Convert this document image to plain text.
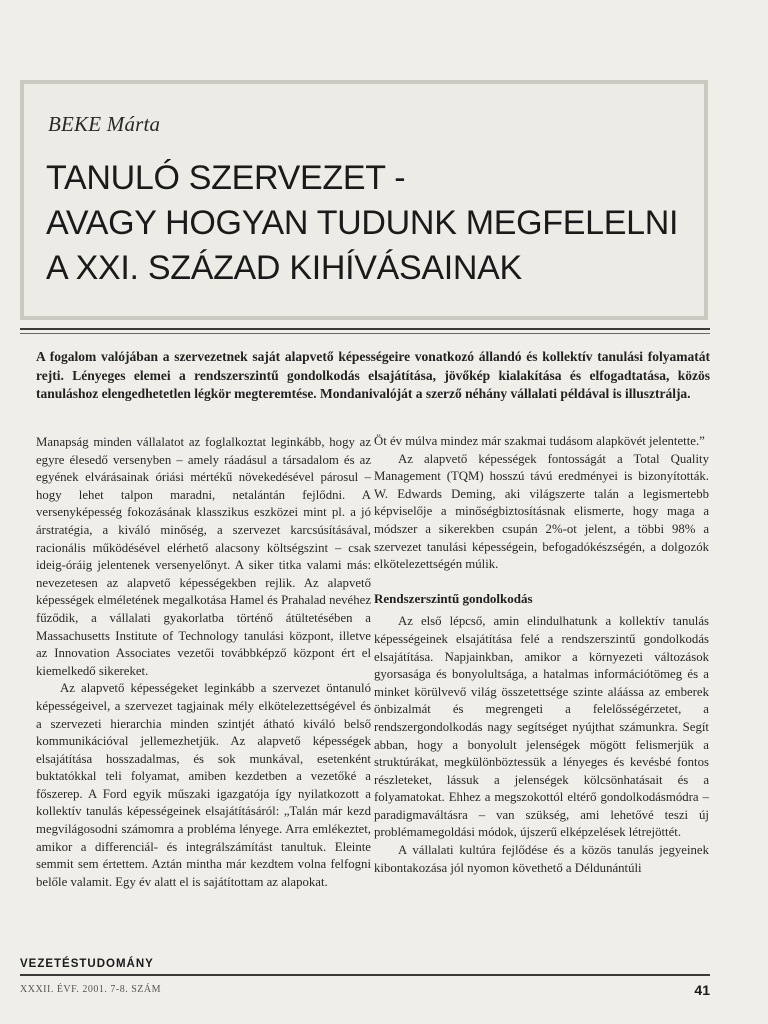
BEKE Márta
TANULÓ SZERVEZET -
AVAGY HOGYAN TUDUNK MEGFELELNI
A XXI. SZÁZAD KIHÍVÁSAINAK

A fogalom valójában a szervezetnek saját alapvető képességeire vonatkozó állandó és kollektív tanulási folyamatát rejti. Lényeges elemei a rendszerszintű gondolkodás elsajátítása, jövőkép kialakítása és elfogadtatása, közös tanuláshoz elengedhetetlen légkör megteremtése. Mondanivalóját a szerző néhány vállalati példával is illusztrálja.

Manapság minden vállalatot az foglalkoztat leginkább, hogy az egyre élesedő versenyben – amely ráadásul a társadalom és az egyének elvárásainak óriási mértékű növekedésével párosul – hogy lehet talpon maradni, netalántán fejlődni. A versenyképesség fokozásának klasszikus eszközei mint pl. a jó árstratégia, a kiváló minőség, a szervezet karcsúsításával, racionális működésével elérhető alacsony költségszint – csak ideig-óráig jelentenek versenyelőnyt. A siker titka valami más: nevezetesen az alapvető képességekben rejlik. Az alapvető képességek elméletének megalkotása Hamel és Prahalad nevéhez fűződik, a vállalati gyakorlatba történő átültetésében a Massachusetts Institute of Technology tanulási központ, illetve az Innovation Associates vezetői továbbképző központ ért el kiemelkedő sikereket.

Az alapvető képességeket leginkább a szervezet öntanuló képességeivel, a szervezet tagjainak mély elkötelezettségével és a szervezeti hierarchia minden szintjét átható kiváló belső kommunikációval jellemezhetjük. Az alapvető képességek elsajátítása hosszadalmas, és sok munkával, esetenként buktatókkal teli folyamat, amiben kezdetben a vezetőké a főszerep. A Ford egyik műszaki igazgatója így nyilatkozott a kollektív tanulás képességeinek elsajátításáról: „Talán már kezd megvilágosodni számomra a probléma lényege. Arra emlékeztet, amikor a differenciál- és integrálszámítást tanultuk. Eleinte semmit sem értettem. Aztán mintha már kezdtem volna felfogni belőle valamit. Egy év alatt el is sajátítottam az alapokat.

Öt év múlva mindez már szakmai tudásom alapkövét jelentette.”

Az alapvető képességek fontosságát a Total Quality Management (TQM) hosszú távú eredményei is bizonyították. W. Edwards Deming, aki világszerte talán a legismertebb képviselője a minőségbiztosításnak elismerte, hogy maga a módszer a sikerekben csupán 2%-ot jelent, a többi 98% a szervezet tanulási képességein, befogadókészségén, a dolgozók elkötelezettségén múlik.

Rendszerszintű gondolkodás

Az első lépcső, amin elindulhatunk a kollektív tanulás képességeinek elsajátítása felé a rendszerszintű gondolkodás elsajátítása. Napjainkban, amikor a környezeti változások gyorsasága és bonyolultsága, a hatalmas információtömeg és a minket körülvevő világ összetettsége szinte aláássa az emberek önbizalmát és megrengeti a felelősségérzetet, a rendszergondolkodás nagy segítséget nyújthat számunkra. Segít abban, hogy a bonyolult jelenségek mögött felismerjük a struktúrákat, megkülönböztessük a lényeges és kevésbé fontos részleteket, lássuk a jelenségek kölcsönhatásait és a folyamatokat. Ehhez a megszokottól eltérő gondolkodásmódra – paradigmaváltásra – van szükség, ami lehetővé teszi új problémamegoldási módok, újszerű elképzelések létrejöttét.

A vállalati kultúra fejlődése és a közös tanulás jegyeinek kibontakozása jól nyomon követhető a Déldunántúli

VEZETÉSTUDOMÁNY
XXXII. ÉVF. 2001. 7-8. SZÁM	41
